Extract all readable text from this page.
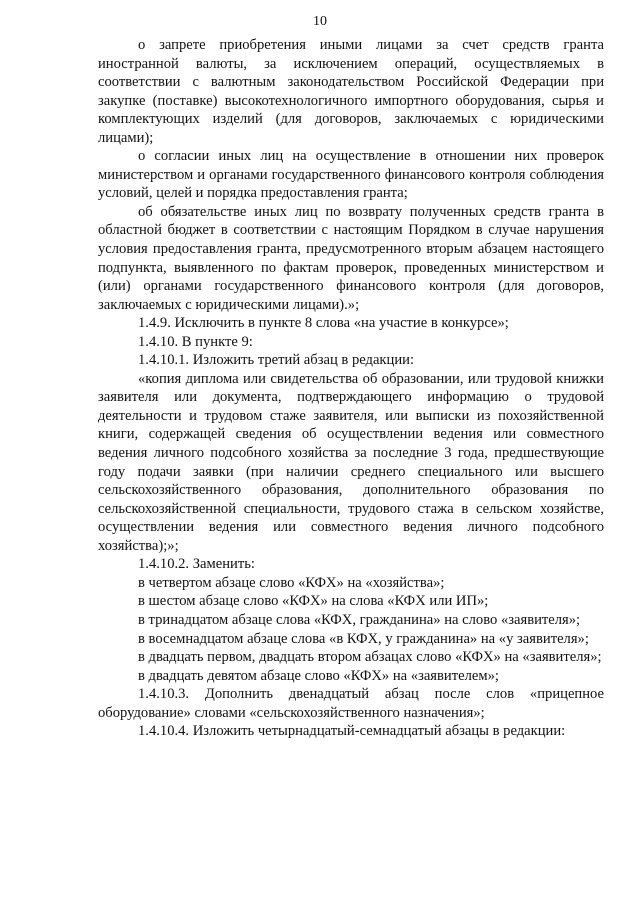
10

о запрете приобретения иными лицами за счет средств гранта иностранной валюты, за исключением операций, осуществляемых в соответствии с валютным законодательством Российской Федерации при закупке (поставке) высокотехнологичного импортного оборудования, сырья и комплектующих изделий (для договоров, заключаемых с юридическими лицами);

о согласии иных лиц на осуществление в отношении них проверок министерством и органами государственного финансового контроля соблюдения условий, целей и порядка предоставления гранта;

об обязательстве иных лиц по возврату полученных средств гранта в областной бюджет в соответствии с настоящим Порядком в случае нарушения условия предоставления гранта, предусмотренного вторым абзацем настоящего подпункта, выявленного по фактам проверок, проведенных министерством и (или) органами государственного финансового контроля (для договоров, заключаемых с юридическими лицами).»;

1.4.9. Исключить в пункте 8 слова «на участие в конкурсе»;

1.4.10. В пункте 9:

1.4.10.1. Изложить третий абзац в редакции:

«копия диплома или свидетельства об образовании, или трудовой книжки заявителя или документа, подтверждающего информацию о трудовой деятельности и трудовом стаже заявителя, или выписки из похозяйственной книги, содержащей сведения об осуществлении ведения или совместного ведения личного подсобного хозяйства за последние 3 года, предшествующие году подачи заявки (при наличии среднего специального или высшего сельскохозяйственного образования, дополнительного образования по сельскохозяйственной специальности, трудового стажа в сельском хозяйстве, осуществлении ведения или совместного ведения личного подсобного хозяйства);»;

1.4.10.2. Заменить:

в четвертом абзаце слово «КФХ» на «хозяйства»;

в шестом абзаце слово «КФХ» на слова «КФХ или ИП»;

в тринадцатом абзаце слова «КФХ, гражданина» на слово «заявителя»;

в восемнадцатом абзаце слова «в КФХ, у гражданина» на «у заявителя»;

в двадцать первом, двадцать втором абзацах слово «КФХ» на «заявителя»;

в двадцать девятом абзаце слово «КФХ» на «заявителем»;

1.4.10.3. Дополнить двенадцатый абзац после слов «прицепное оборудование» словами «сельскохозяйственного назначения»;

1.4.10.4. Изложить четырнадцатый-семнадцатый абзацы в редакции:
